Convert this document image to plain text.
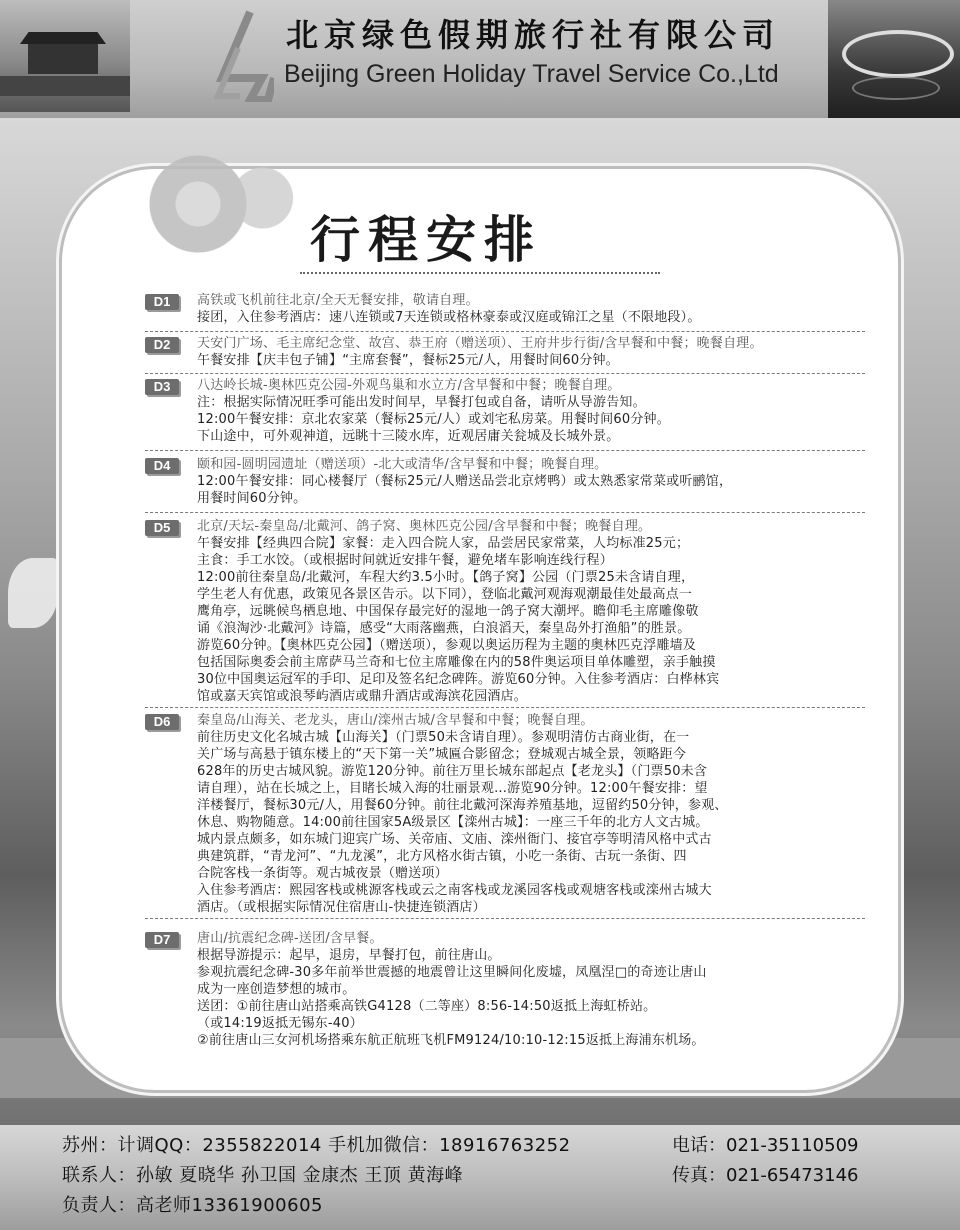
北京绿色假期旅行社有限公司
Beijing Green Holiday Travel Service Co.,Ltd
行程安排
D1	高铁或飞机前往北京/全天无餐安排，敬请自理。
接团，入住参考酒店：速八连锁或7天连锁或格林豪泰或汉庭或锦江之星（不限地段）。
D2	天安门广场、毛主席纪念堂、故宫、恭王府（赠送项）、王府井步行街/含早餐和中餐；晚餐自理。
午餐安排【庆丰包子铺】“主席套餐”，餐标25元/人，用餐时间60分钟。
D3	八达岭长城-奥林匹克公园-外观鸟巢和水立方/含早餐和中餐；晚餐自理。
注：根据实际情况旺季可能出发时间早，早餐打包或自备，请听从导游告知。
12:00午餐安排：京北农家菜（餐标25元/人）或刘宅私房菜。用餐时间60分钟。
下山途中，可外观神道，远眺十三陵水库，近观居庸关瓮城及长城外景。
D4	颐和园-圆明园遗址（赠送项）-北大或清华/含早餐和中餐；晚餐自理。
12:00午餐安排：同心楼餐厅（餐标25元/人赠送品尝北京烤鸭）或太熟悉家常菜或听鹂馆，
用餐时间60分钟。
D5	北京/天坛-秦皇岛/北戴河、鸽子窝、奥林匹克公园/含早餐和中餐；晚餐自理。
午餐安排【经典四合院】家餐：走入四合院人家，品尝居民家常菜，人均标准25元；
主食：手工水饺。（或根据时间就近安排午餐，避免堵车影响连线行程）
12:00前往秦皇岛/北戴河，车程大约3.5小时。【鸽子窝】公园（门票25未含请自理，
学生老人有优惠，政策见各景区告示。以下同），登临北戴河观海观潮最佳处最高点一
鹰角亭，远眺候鸟栖息地、中国保存最完好的湿地一鸽子窝大潮坪。瞻仰毛主席雕像敬
诵《浪淘沙·北戴河》诗篇，感受“大雨落幽燕，白浪滔天，秦皇岛外打渔船”的胜景。
游览60分钟。【奥林匹克公园】（赠送项），参观以奥运历程为主题的奥林匹克浮雕墙及
包括国际奥委会前主席萨马兰奇和七位主席雕像在内的58件奥运项目单体雕塑，亲手触摸
30位中国奥运冠军的手印、足印及签名纪念碑阵。游览60分钟。入住参考酒店：白桦林宾
馆或嘉天宾馆或浪琴屿酒店或鼎升酒店或海滨花园酒店。
D6	秦皇岛/山海关、老龙头，唐山/滦州古城/含早餐和中餐；晚餐自理。
前往历史文化名城古城【山海关】（门票50未含请自理）。参观明清仿古商业街，在一
关广场与高悬于镇东楼上的“天下第一关”城匾合影留念；登城观古城全景，领略距今
628年的历史古城风貌。游览120分钟。前往万里长城东部起点【老龙头】（门票50未含
请自理），站在长城之上，目睹长城入海的壮丽景观...游览90分钟。12:00午餐安排：望
洋楼餐厅，餐标30元/人，用餐60分钟。前往北戴河深海养殖基地，逗留约50分钟，参观、
休息、购物随意。14:00前往国家5A级景区【滦州古城】：一座三千年的北方人文古城。
城内景点颇多，如东城门迎宾广场、关帝庙、文庙、滦州衙门、接官亭等明清风格中式古
典建筑群，“青龙河”、“九龙溪”，北方风格水街古镇，小吃一条街、古玩一条街、四
合院客栈一条街等。观古城夜景（赠送项）
入住参考酒店：熙园客栈或桃源客栈或云之南客栈或龙溪园客栈或观塘客栈或滦州古城大
酒店。（或根据实际情况住宿唐山-快捷连锁酒店）
D7	唐山/抗震纪念碑-送团/含早餐。
根据导游提示：起早，退房，早餐打包，前往唐山。
参观抗震纪念碑-30多年前举世震撼的地震曾让这里瞬间化废墟，凤凰涅□的奇迹让唐山
成为一座创造梦想的城市。
送团：①前往唐山站搭乘高铁G4128（二等座）8:56-14:50返抵上海虹桥站。
（或14:19返抵无锡东-40）
②前往唐山三女河机场搭乘东航正航班飞机FM9124/10:10-12:15返抵上海浦东机场。
苏州：计调QQ：2355822014 手机加微信：18916763252	电话：021-35110509
联系人：孙敏 夏晓华 孙卫国 金康杰 王顶 黄海峰	传真：021-65473146
负责人：高老师13361900605
